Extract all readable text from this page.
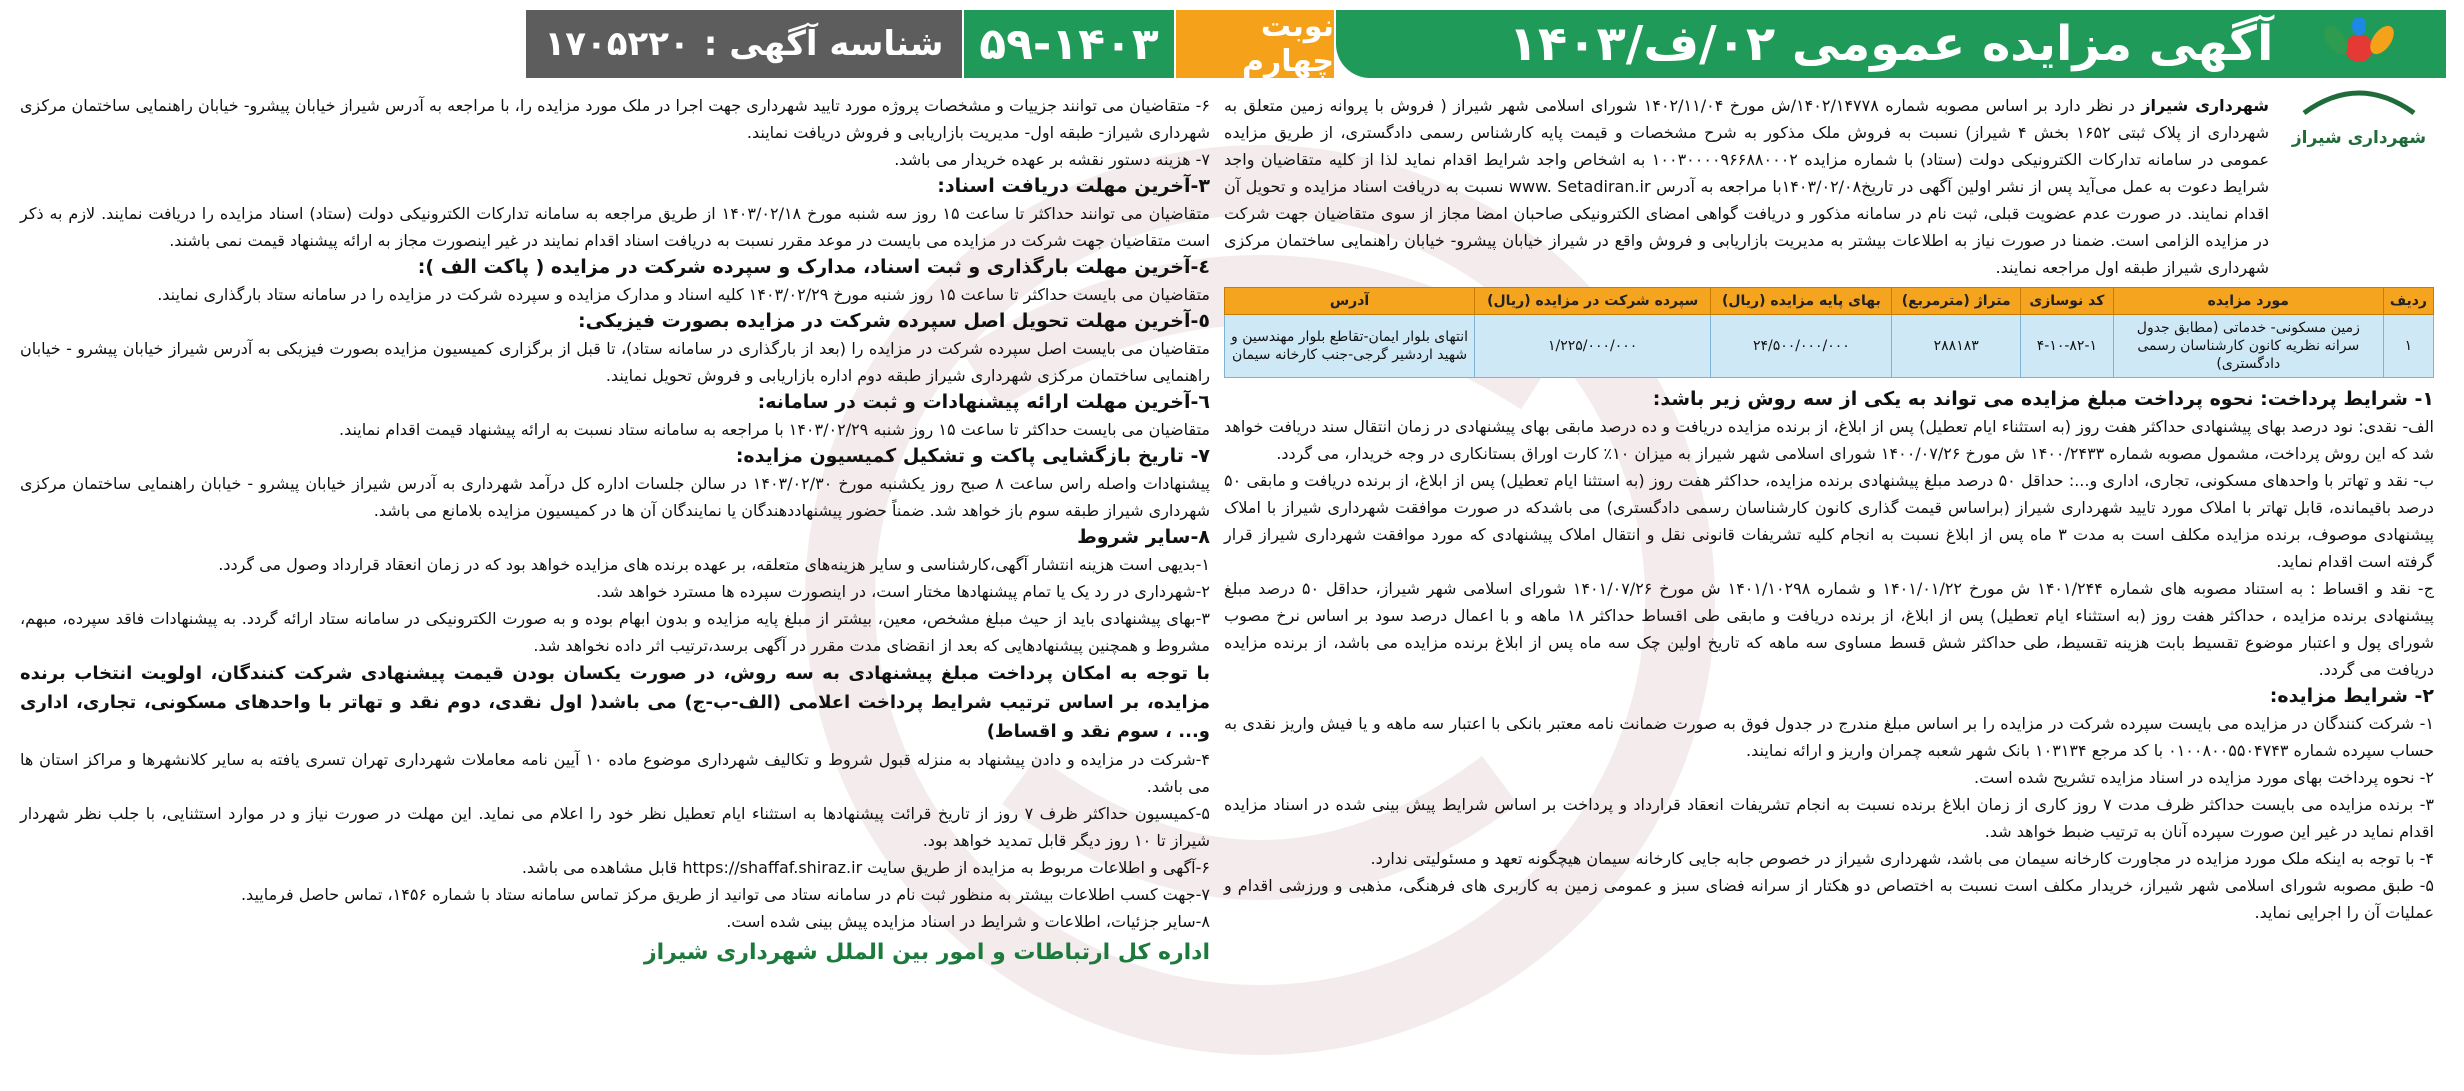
آگهی مزایده عمومی ۰۲/ف/۱۴۰۳
نوبت چهارم
۵۹-۱۴۰۳
شناسه آگهی :
۱۷۰۵۲۲۰
شهرداری شیراز

شهرداری شیراز در نظر دارد بر اساس مصوبه شماره ۱۴۰۲/۱۴۷۷۸/ش مورخ ۱۴۰۲/۱۱/۰۴ شورای اسلامی شهر شیراز ( فروش با پروانه زمین متعلق به شهرداری از پلاک ثبتی ۱۶۵۲ بخش ۴ شیراز) نسبت به فروش ملک مذکور به شرح مشخصات و قیمت پایه کارشناس رسمی دادگستری، از طریق مزایده عمومی در سامانه تدارکات الکترونیکی دولت (ستاد) با شماره مزایده ۱۰۰۳۰۰۰۰۹۶۶۸۸۰۰۰۲ به اشخاص واجد شرایط اقدام نماید لذا از کلیه متقاضیان واجد شرایط دعوت به عمل می‌آید پس از نشر اولین آگهی در تاریخ۱۴۰۳/۰۲/۰۸با مراجعه به آدرس www. Setadiran.ir نسبت به دریافت اسناد مزایده و تحویل آن اقدام نمایند. در صورت عدم عضویت قبلی، ثبت نام در سامانه مذکور و دریافت گواهی امضای الکترونیکی صاحبان امضا مجاز از سوی متقاضیان جهت شرکت در مزایده الزامی است. ضمنا در صورت نیاز به اطلاعات بیشتر به مدیریت بازاریابی و فروش واقع در شیراز خیابان پیشرو- خیابان راهنمایی ساختمان مرکزی شهرداری شیراز طبقه اول مراجعه نمایند.

ردیف	مورد مزایده	کد نوسازی	متراژ (مترمربع)	بهای پایه مزایده (ریال)	سپرده شرکت در مزایده (ریال)	آدرس
۱	زمین مسکونی- خدماتی (مطابق جدول سرانه نظریه کانون کارشناسان رسمی دادگستری)	۴-۱۰-۸۲-۱	۲۸۸۱۸۳	۲۴/۵۰۰/۰۰۰/۰۰۰	۱/۲۲۵/۰۰۰/۰۰۰	انتهای بلوار ایمان-تقاطع بلوار مهندسین و شهید اردشیر گرجی-جنب کارخانه سیمان

۱- شرایط پرداخت: نحوه پرداخت مبلغ مزایده می تواند به یکی از سه روش زیر باشد:

الف- نقدی: نود درصد بهای پیشنهادی حداکثر هفت روز (به استثناء ایام تعطیل) پس از ابلاغ، از برنده مزایده دریافت و ده درصد مابقی بهای پیشنهادی در زمان انتقال سند دریافت خواهد شد که این روش پرداخت، مشمول مصوبه شماره ۱۴۰۰/۲۴۳۳ ش مورخ ۱۴۰۰/۰۷/۲۶ شورای اسلامی شهر شیراز به میزان ۱۰٪ کارت اوراق بستانکاری در وجه خریدار، می گردد.

ب- نقد و تهاتر با واحدهای مسکونی، تجاری، اداری و...: حداقل ۵۰ درصد مبلغ پیشنهادی برنده مزایده، حداکثر هفت روز (به استثنا ایام تعطیل) پس از ابلاغ، از برنده دریافت و مابقی ۵۰ درصد باقیمانده، قابل تهاتر با املاک مورد تایید شهرداری شیراز (براساس قیمت گذاری کانون کارشناسان رسمی دادگستری) می باشدکه در صورت موافقت شهرداری شیراز با املاک پیشنهادی موصوف، برنده مزایده مکلف است به مدت ۳ ماه پس از ابلاغ نسبت به انجام کلیه تشریفات قانونی نقل و انتقال املاک پیشنهادی که مورد موافقت شهرداری شیراز قرار گرفته است اقدام نماید.

ج- نقد و اقساط : به استناد مصوبه های شماره ۱۴۰۱/۲۴۴ ش مورخ ۱۴۰۱/۰۱/۲۲ و شماره ۱۴۰۱/۱۰۲۹۸ ش مورخ ۱۴۰۱/۰۷/۲۶ شورای اسلامی شهر شیراز، حداقل ۵۰ درصد مبلغ پیشنهادی برنده مزایده ، حداکثر هفت روز (به استثناء ایام تعطیل) پس از ابلاغ، از برنده دریافت و مابقی طی اقساط حداکثر ۱۸ ماهه و با اعمال درصد سود بر اساس نرخ مصوب شورای پول و اعتبار موضوع تقسیط بابت هزینه تقسیط، طی حداکثر شش قسط مساوی سه ماهه که تاریخ اولین چک سه ماه پس از ابلاغ برنده مزایده می باشد، از برنده مزایده دریافت می گردد.

۲- شرایط مزایده:

۱- شرکت کنندگان در مزایده می بایست سپرده شرکت در مزایده را بر اساس مبلغ مندرج در جدول فوق به صورت ضمانت نامه معتبر بانکی با اعتبار سه ماهه و یا فیش واریز نقدی به حساب سپرده شماره ۰۱۰۰۸۰۰۵۵۰۴۷۴۳ با کد مرجع ۱۰۳۱۳۴ بانک شهر شعبه چمران واریز و ارائه نمایند.

۲- نحوه پرداخت بهای مورد مزایده در اسناد مزایده تشریح شده است.

۳- برنده مزایده می بایست حداکثر ظرف مدت ۷ روز کاری از زمان ابلاغ برنده نسبت به انجام تشریفات انعقاد قرارداد و پرداخت بر اساس شرایط پیش بینی شده در اسناد مزایده اقدام نماید در غیر این صورت سپرده آنان به ترتیب ضبط خواهد شد.

۴- با توجه به اینکه ملک مورد مزایده در مجاورت کارخانه سیمان می باشد، شهرداری شیراز در خصوص جابه جایی کارخانه سیمان هیچگونه تعهد و مسئولیتی ندارد.

۵- طبق مصوبه شورای اسلامی شهر شیراز، خریدار مکلف است نسبت به اختصاص دو هکتار از سرانه فضای سبز و عمومی زمین به کاربری های فرهنگی، مذهبی و ورزشی اقدام و عملیات آن را اجرایی نماید.

۶- متقاضیان می توانند جزییات و مشخصات پروژه مورد تایید شهرداری جهت اجرا در ملک مورد مزایده را، با مراجعه به آدرس شیراز خیابان پیشرو- خیابان راهنمایی ساختمان مرکزی شهرداری شیراز- طبقه اول- مدیریت بازاریابی و فروش دریافت نمایند.

۷- هزینه دستور نقشه بر عهده خریدار می باشد.

۳-آخرین مهلت دریافت اسناد:

متقاضیان می توانند حداکثر تا ساعت ۱۵ روز سه شنبه مورخ ۱۴۰۳/۰۲/۱۸ از طریق مراجعه به سامانه تدارکات الکترونیکی دولت (ستاد) اسناد مزایده را دریافت نمایند. لازم به ذکر است متقاضیان جهت شرکت در مزایده می بایست در موعد مقرر نسبت به دریافت اسناد اقدام نمایند در غیر اینصورت مجاز به ارائه پیشنهاد قیمت نمی باشند.

٤-آخرین مهلت بارگذاری و ثبت اسناد، مدارک و سپرده شرکت در مزایده ( پاکت الف ):

متقاضیان می بایست حداکثر تا ساعت ۱۵ روز شنبه مورخ ۱۴۰۳/۰۲/۲۹ کلیه اسناد و مدارک مزایده و سپرده شرکت در مزایده را در سامانه ستاد بارگذاری نمایند.

٥-آخرین مهلت تحویل اصل سپرده شرکت در مزایده بصورت فیزیکی:

متقاضیان می بایست اصل سپرده شرکت در مزایده را (بعد از بارگذاری در سامانه ستاد)، تا قبل از برگزاری کمیسیون مزایده بصورت فیزیکی به آدرس شیراز خیابان پیشرو - خیابان راهنمایی ساختمان مرکزی شهرداری شیراز طبقه دوم اداره بازاریابی و فروش تحویل نمایند.

٦-آخرین مهلت ارائه پیشنهادات و ثبت در سامانه:

متقاضیان می بایست حداکثر تا ساعت ۱۵ روز شنبه ۱۴۰۳/۰۲/۲۹ با مراجعه به سامانه ستاد نسبت به ارائه پیشنهاد قیمت اقدام نمایند.

۷- تاریخ بازگشایی پاکت و تشکیل کمیسیون مزایده:

پیشنهادات واصله راس ساعت ۸ صبح روز یکشنبه مورخ ۱۴۰۳/۰۲/۳۰ در سالن جلسات اداره کل درآمد شهرداری به آدرس شیراز خیابان پیشرو - خیابان راهنمایی ساختمان مرکزی شهرداری شیراز طبقه سوم باز خواهد شد. ضمناً حضور پیشنهاددهندگان یا نمایندگان آن ها در کمیسیون مزایده بلامانع می باشد.

۸-سایر شروط

۱-بدیهی است هزینه انتشار آگهی،کارشناسی و سایر هزینه‌های متعلقه، بر عهده برنده های مزایده خواهد بود که در زمان انعقاد قرارداد وصول می گردد.

۲-شهرداری در رد یک یا تمام پیشنهادها مختار است، در اینصورت سپرده ها مسترد خواهد شد.

۳-بهای پیشنهادی باید از حیث مبلغ مشخص، معین، بیشتر از مبلغ پایه مزایده و بدون ابهام بوده و به صورت الکترونیکی در سامانه ستاد ارائه گردد. به پیشنهادات فاقد سپرده، مبهم، مشروط و همچنین پیشنهادهایی که بعد از انقضای مدت مقرر در آگهی برسد،ترتیب اثر داده نخواهد شد.

با توجه به امکان پرداخت مبلغ پیشنهادی به سه روش، در صورت یکسان بودن قیمت پیشنهادی شرکت کنندگان، اولویت انتخاب برنده مزایده، بر اساس ترتیب شرایط پرداخت اعلامی (الف-ب-ج) می باشد( اول نقدی، دوم نقد و تهاتر با واحدهای مسکونی، تجاری، اداری و... ، سوم نقد و اقساط)

۴-شرکت در مزایده و دادن پیشنهاد به منزله قبول شروط و تکالیف شهرداری موضوع ماده ۱۰ آیین نامه معاملات شهرداری تهران تسری یافته به سایر کلانشهرها و مراکز استان ها می باشد.

۵-کمیسیون حداکثر ظرف ۷ روز از تاریخ قرائت پیشنهادها به استثناء ایام تعطیل نظر خود را اعلام می نماید. این مهلت در صورت نیاز و در موارد استثنایی، با جلب نظر شهردار شیراز تا ۱۰ روز دیگر قابل تمدید خواهد بود.

۶-آگهی و اطلاعات مربوط به مزایده از طریق سایت https://shaffaf.shiraz.ir قابل مشاهده می باشد.

۷-جهت کسب اطلاعات بیشتر به منظور ثبت نام در سامانه ستاد می توانید از طریق مرکز تماس سامانه ستاد با شماره ۱۴۵۶، تماس حاصل فرمایید.

۸-سایر جزئیات، اطلاعات و شرایط در اسناد مزایده پیش بینی شده است.

اداره کل ارتباطات و امور بین الملل شهرداری شیراز
